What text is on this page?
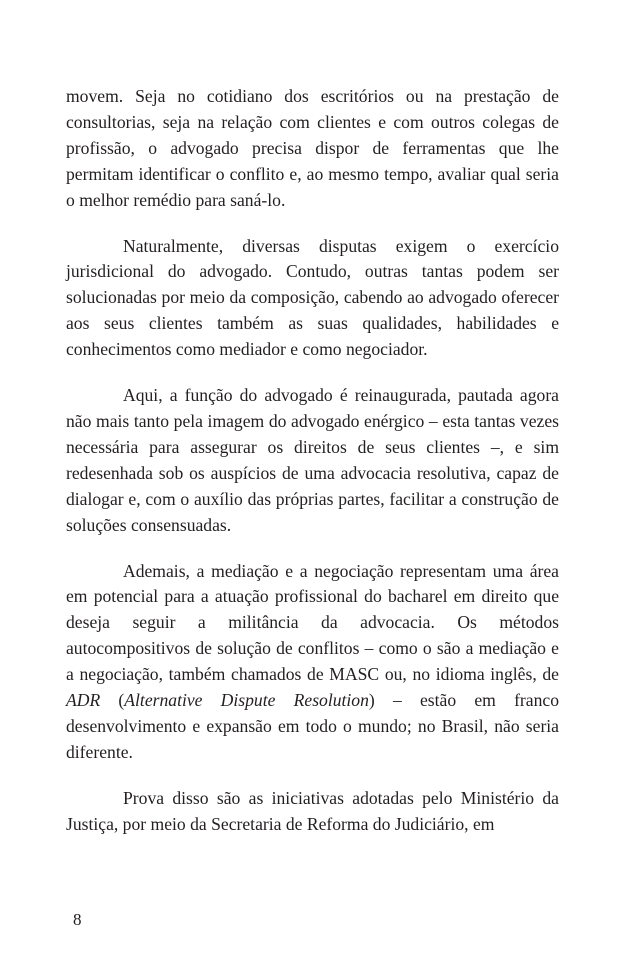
movem. Seja no cotidiano dos escritórios ou na prestação de consultorias, seja na relação com clientes e com outros colegas de profissão, o advogado precisa dispor de ferramentas que lhe permitam identificar o conflito e, ao mesmo tempo, avaliar qual seria o melhor remédio para saná-lo.

Naturalmente, diversas disputas exigem o exercício jurisdicional do advogado. Contudo, outras tantas podem ser solucionadas por meio da composição, cabendo ao advogado oferecer aos seus clientes também as suas qualidades, habilidades e conhecimentos como mediador e como negociador.

Aqui, a função do advogado é reinaugurada, pautada agora não mais tanto pela imagem do advogado enérgico – esta tantas vezes necessária para assegurar os direitos de seus clientes –, e sim redesenhada sob os auspícios de uma advocacia resolutiva, capaz de dialogar e, com o auxílio das próprias partes, facilitar a construção de soluções consensuadas.

Ademais, a mediação e a negociação representam uma área em potencial para a atuação profissional do bacharel em direito que deseja seguir a militância da advocacia. Os métodos autocompositivos de solução de conflitos – como o são a mediação e a negociação, também chamados de MASC ou, no idioma inglês, de ADR (Alternative Dispute Resolution) – estão em franco desenvolvimento e expansão em todo o mundo; no Brasil, não seria diferente.

Prova disso são as iniciativas adotadas pelo Ministério da Justiça, por meio da Secretaria de Reforma do Judiciário, em

8
